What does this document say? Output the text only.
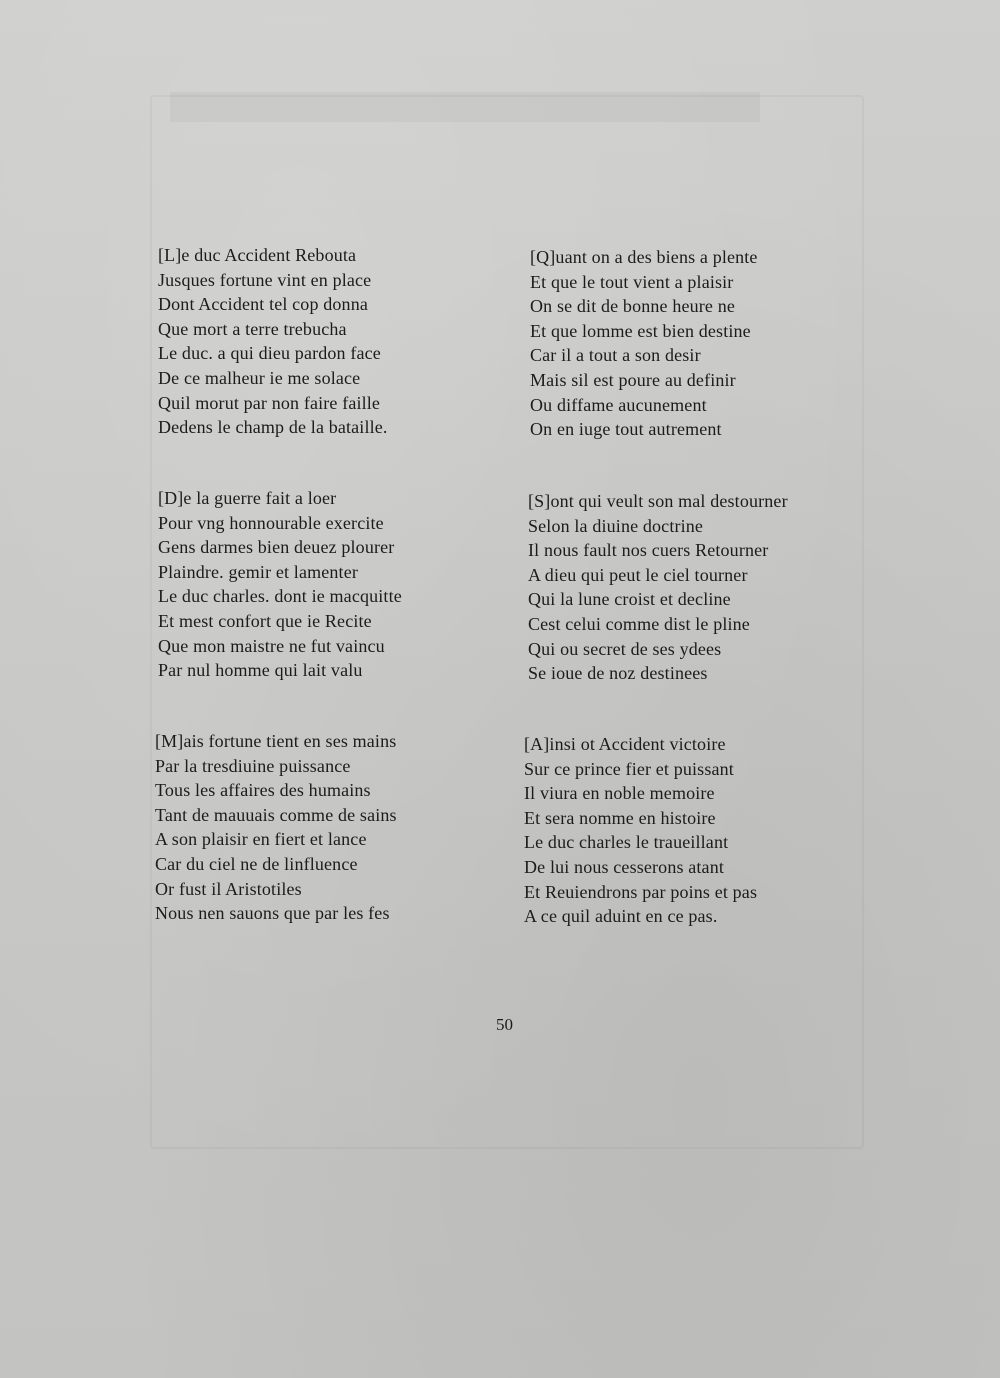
[L]e duc Accident Rebouta
Jusques fortune vint en place
Dont Accident tel cop donna
Que mort a terre trebucha
Le duc. a qui dieu pardon face
De ce malheur ie me solace
Quil morut par non faire faille
Dedens le champ de la bataille.
[D]e la guerre fait a loer
Pour vng honnourable exercite
Gens darmes bien deuez plourer
Plaindre. gemir et lamenter
Le duc charles. dont ie macquitte
Et mest confort que ie Recite
Que mon maistre ne fut vaincu
Par nul homme qui lait valu
[M]ais fortune tient en ses mains
Par la tresdiuine puissance
Tous les affaires des humains
Tant de mauuais comme de sains
A son plaisir en fiert et lance
Car du ciel ne de linfluence
Or fust il Aristotiles
Nous nen sauons que par les fes
[Q]uant on a des biens a plente
Et que le tout vient a plaisir
On se dit de bonne heure ne
Et que lomme est bien destine
Car il a tout a son desir
Mais sil est poure au definir
Ou diffame aucunement
On en iuge tout autrement
[S]ont qui veult son mal destourner
Selon la diuine doctrine
Il nous fault nos cuers Retourner
A dieu qui peut le ciel tourner
Qui la lune croist et decline
Cest celui comme dist le pline
Qui ou secret de ses ydees
Se ioue de noz destinees
[A]insi ot Accident victoire
Sur ce prince fier et puissant
Il viura en noble memoire
Et sera nomme en histoire
Le duc charles le traueillant
De lui nous cesserons atant
Et Reuiendrons par poins et pas
A ce quil aduint en ce pas.
50
